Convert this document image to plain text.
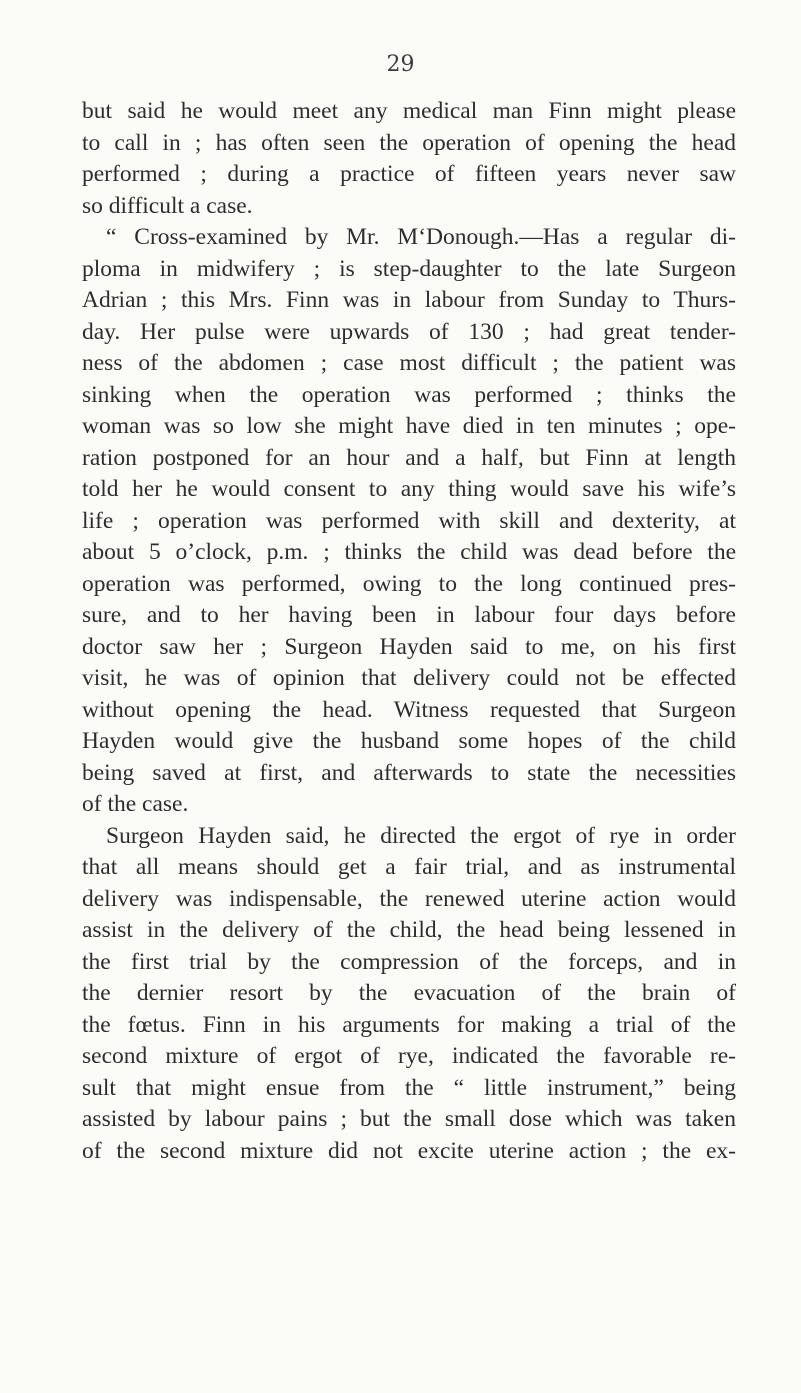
29
but said he would meet any medical man Finn might please
to call in ; has often seen the operation of opening the head
performed ; during a practice of fifteen years never saw
so difficult a case.
“ Cross-examined by Mr. M‘Donough.—Has a regular di-
ploma in midwifery ; is step-daughter to the late Surgeon
Adrian ; this Mrs. Finn was in labour from Sunday to Thurs-
day. Her pulse were upwards of 130 ; had great tender-
ness of the abdomen ; case most difficult ; the patient was
sinking when the operation was performed ; thinks the
woman was so low she might have died in ten minutes ; ope-
ration postponed for an hour and a half, but Finn at length
told her he would consent to any thing would save his wife’s
life ; operation was performed with skill and dexterity, at
about 5 o’clock, p.m. ; thinks the child was dead before the
operation was performed, owing to the long continued pres-
sure, and to her having been in labour four days before
doctor saw her ; Surgeon Hayden said to me, on his first
visit, he was of opinion that delivery could not be effected
without opening the head. Witness requested that Surgeon
Hayden would give the husband some hopes of the child
being saved at first, and afterwards to state the necessities
of the case.
Surgeon Hayden said, he directed the ergot of rye in order
that all means should get a fair trial, and as instrumental
delivery was indispensable, the renewed uterine action would
assist in the delivery of the child, the head being lessened in
the first trial by the compression of the forceps, and in
the dernier resort by the evacuation of the brain of
the fœtus. Finn in his arguments for making a trial of the
second mixture of ergot of rye, indicated the favorable re-
sult that might ensue from the “ little instrument,” being
assisted by labour pains ; but the small dose which was taken
of the second mixture did not excite uterine action ; the ex-
